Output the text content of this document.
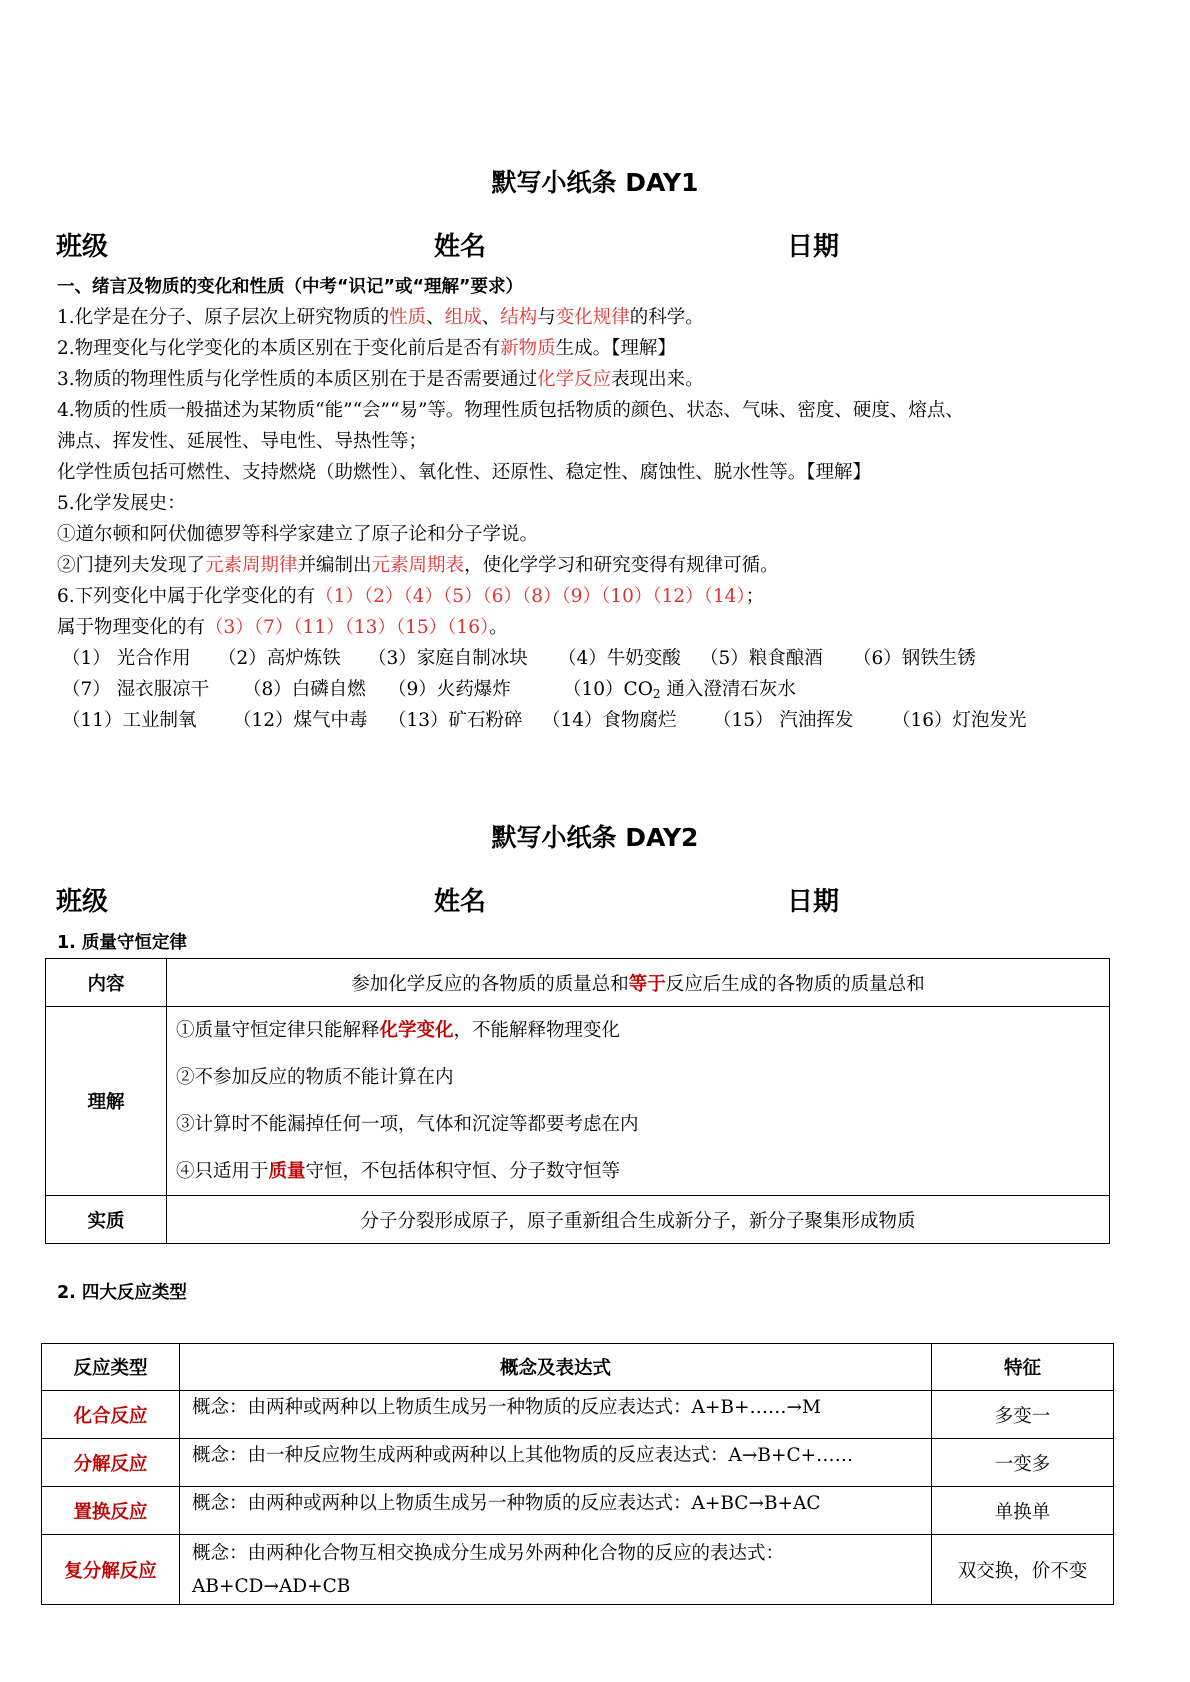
默写小纸条 DAY1
班级	姓名	日期
一、绪言及物质的变化和性质（中考“识记”或“理解”要求）
1.化学是在分子、原子层次上研究物质的性质、组成、结构与变化规律的科学。
2.物理变化与化学变化的本质区别在于变化前后是否有新物质生成。【理解】
3.物质的物理性质与化学性质的本质区别在于是否需要通过化学反应表现出来。
4.物质的性质一般描述为某物质“能”“会”“易”等。物理性质包括物质的颜色、状态、气味、密度、硬度、熔点、
沸点、挥发性、延展性、导电性、导热性等；
化学性质包括可燃性、支持燃烧（助燃性）、氧化性、还原性、稳定性、腐蚀性、脱水性等。【理解】
5.化学发展史：
①道尔顿和阿伏伽德罗等科学家建立了原子论和分子学说。
②门捷列夫发现了元素周期律并编制出元素周期表，使化学学习和研究变得有规律可循。
6.下列变化中属于化学变化的有（1）（2）（4）（5）（6）（8）（9）（10）（12）（14）；
属于物理变化的有（3）（7）（11）（13）（15）（16）。
（1） 光合作用 （2）高炉炼铁 （3）家庭自制冰块 （4）牛奶变酸 （5）粮食酿酒 （6）钢铁生锈
（7） 湿衣服凉干 （8）白磷自燃 （9）火药爆炸	$(10)CO_2$ 通入澄清石灰水
（11）工业制氧 （12）煤气中毒 （13）矿石粉碎 （14）食物腐烂 （15） 汽油挥发 （16）灯泡发光
默写小纸条 DAY2
班级	姓名	日期
1. 质量守恒定律
内容	参加化学反应的各物质的质量总和等于反应后生成的各物质的质量总和
理解	①质量守恒定律只能解释化学变化，不能解释物理变化
②不参加反应的物质不能计算在内
③计算时不能漏掉任何一项，气体和沉淀等都要考虑在内
④只适用于质量守恒，不包括体积守恒、分子数守恒等

实质	分子分裂形成原子，原子重新组合生成新分子，新分子聚集形成物质
2. 四大反应类型
反应类型	概念及表达式	特征
化合反应	概念：由两种或两种以上物质生成另一种物质的反应表达式：A+B+……→M	多变一
分解反应	概念：由一种反应物生成两种或两种以上其他物质的反应表达式：A→B+C+……	一变多
置换反应	概念：由两种或两种以上物质生成另一种物质的反应表达式：A+BC→B+AC	单换单
复分解反应	概念：由两种化合物互相交换成分生成另外两种化合物的反应的表达式：
AB+CD→AD+CB	双交换，价不变
